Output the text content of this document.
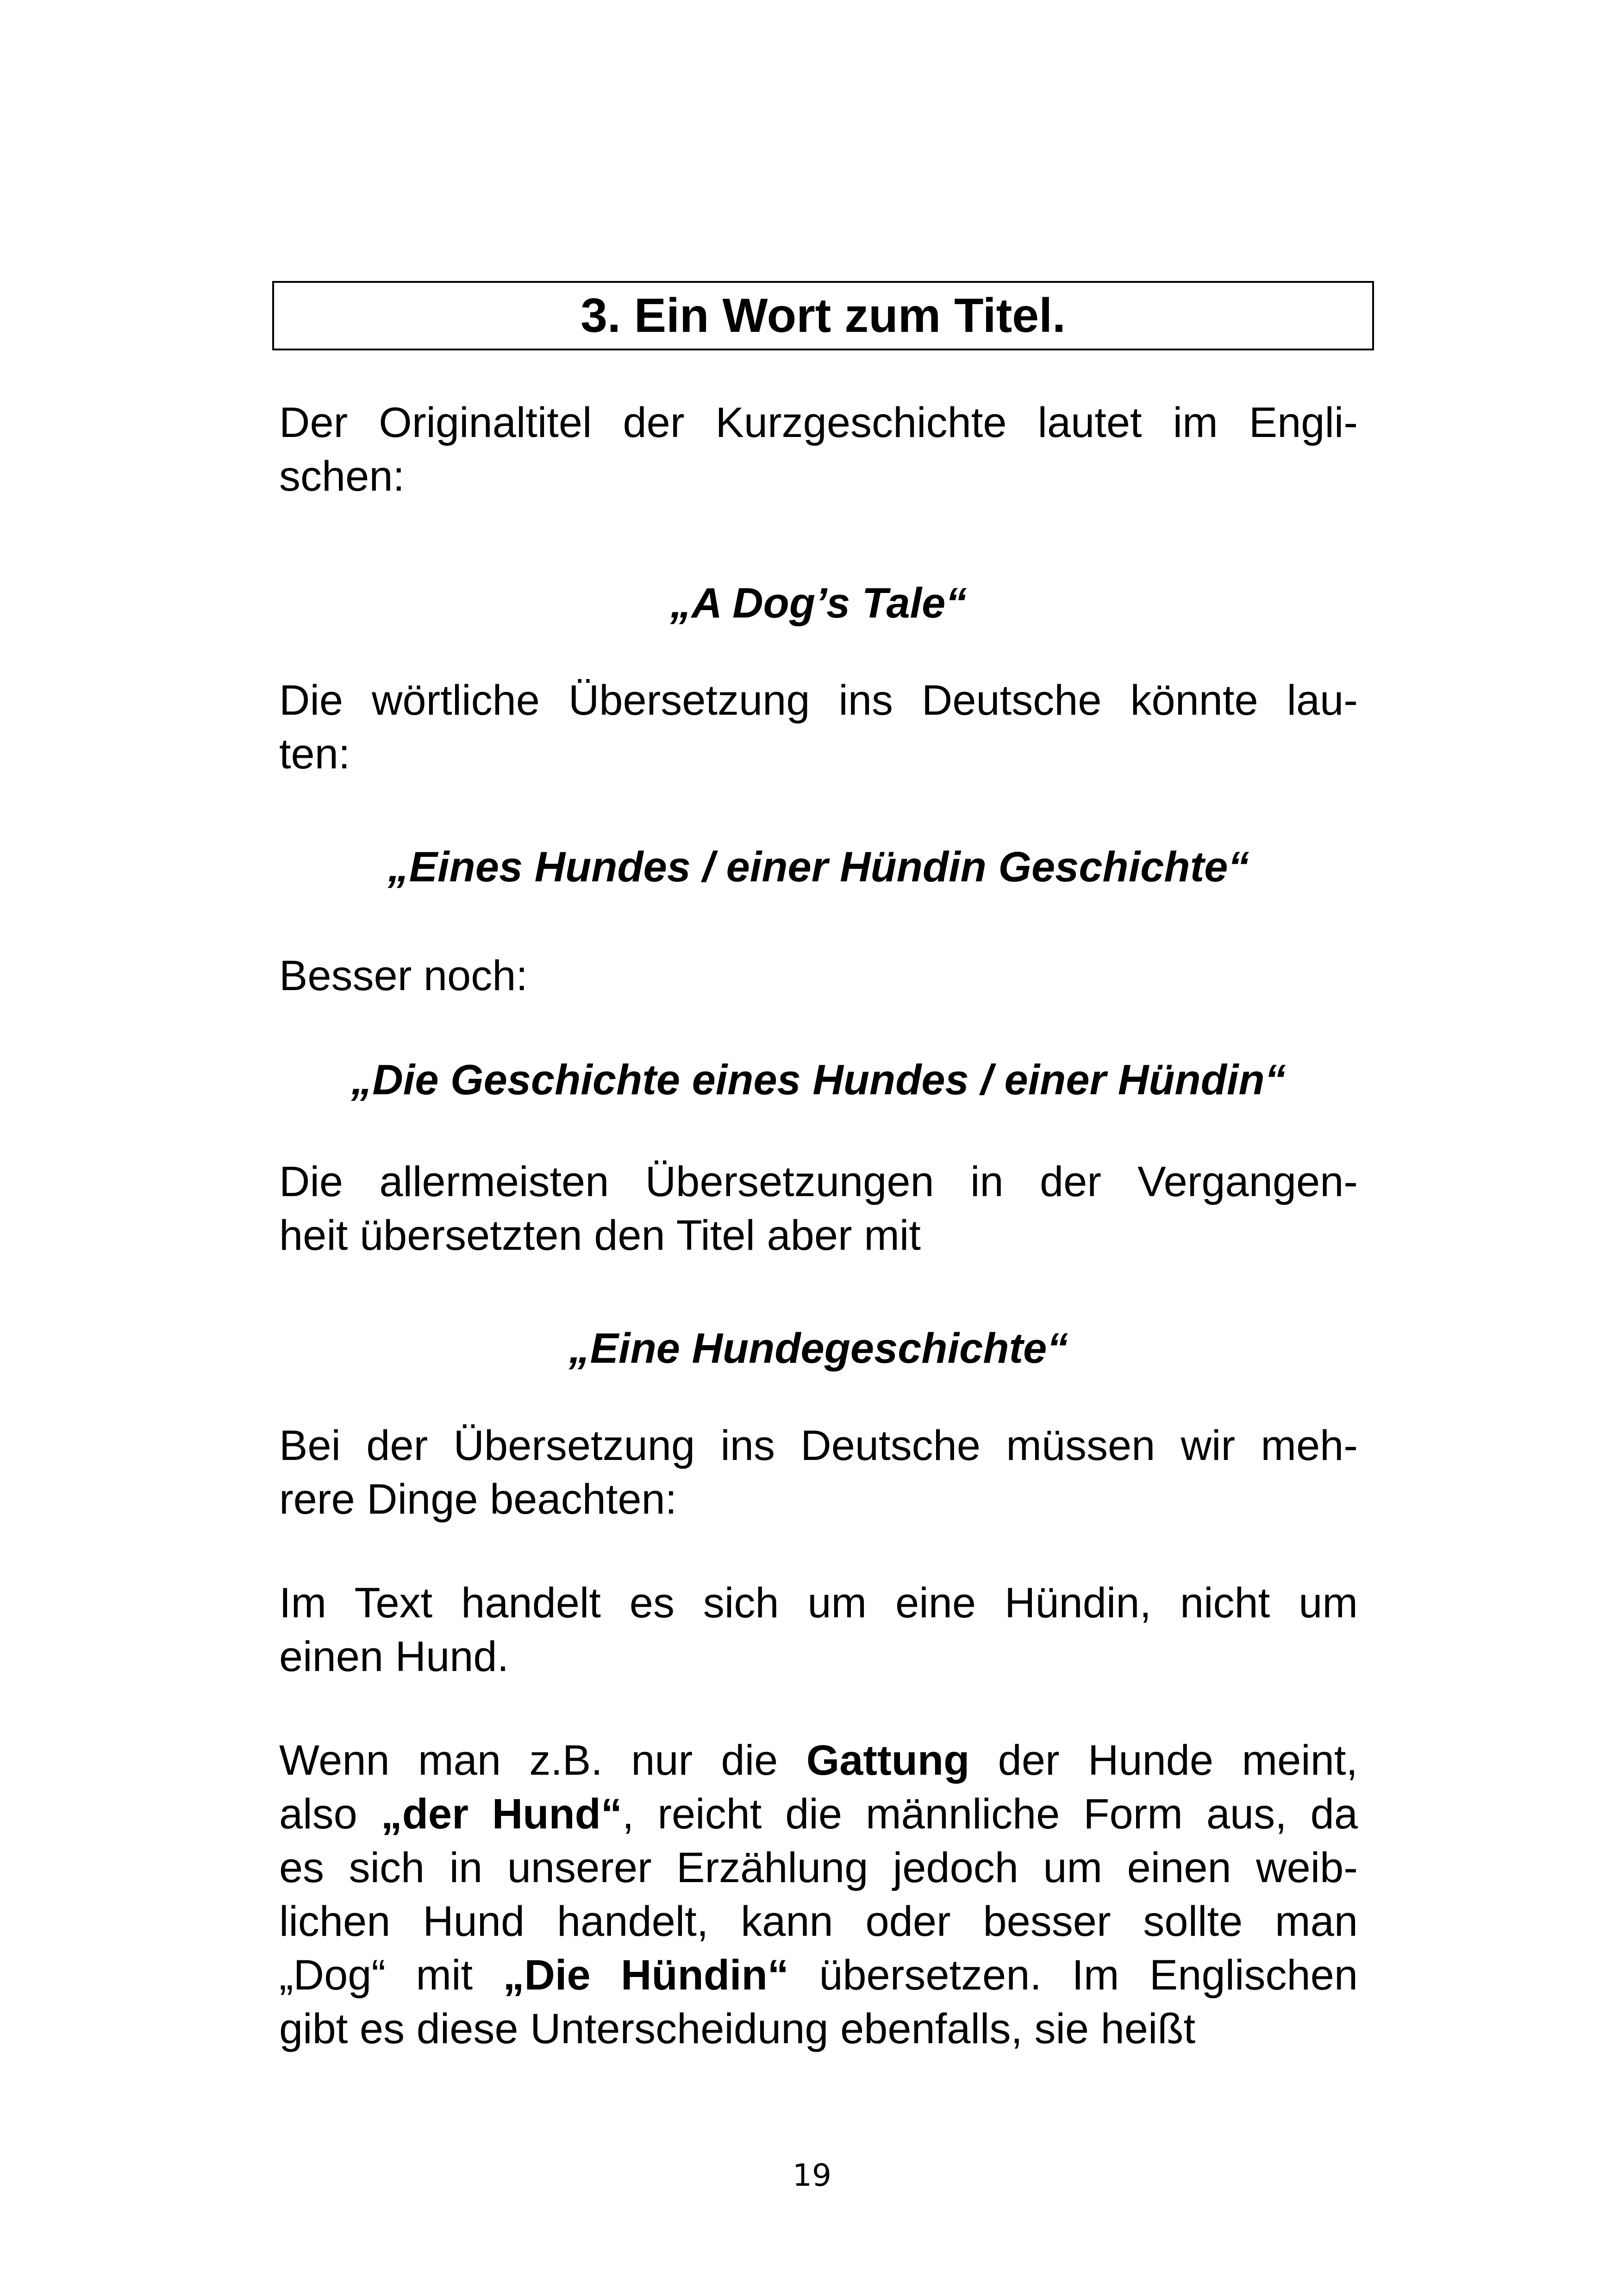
3. Ein Wort zum Titel.

Der Originaltitel der Kurzgeschichte lautet im Engli-
schen:

„A Dog’s Tale“

Die wörtliche Übersetzung ins Deutsche könnte lau-
ten:

„Eines Hundes / einer Hündin Geschichte“

Besser noch:

„Die Geschichte eines Hundes / einer Hündin“

Die allermeisten Übersetzungen in der Vergangen-
heit übersetzten den Titel aber mit

„Eine Hundegeschichte“

Bei der Übersetzung ins Deutsche müssen wir meh-
rere Dinge beachten:

Im Text handelt es sich um eine Hündin, nicht um
einen Hund.

Wenn man z.B. nur die Gattung der Hunde meint,
also „der Hund“, reicht die männliche Form aus, da
es sich in unserer Erzählung jedoch um einen weib-
lichen Hund handelt, kann oder besser sollte man
„Dog“ mit „Die Hündin“ übersetzen. Im Englischen
gibt es diese Unterscheidung ebenfalls, sie heißt

19
